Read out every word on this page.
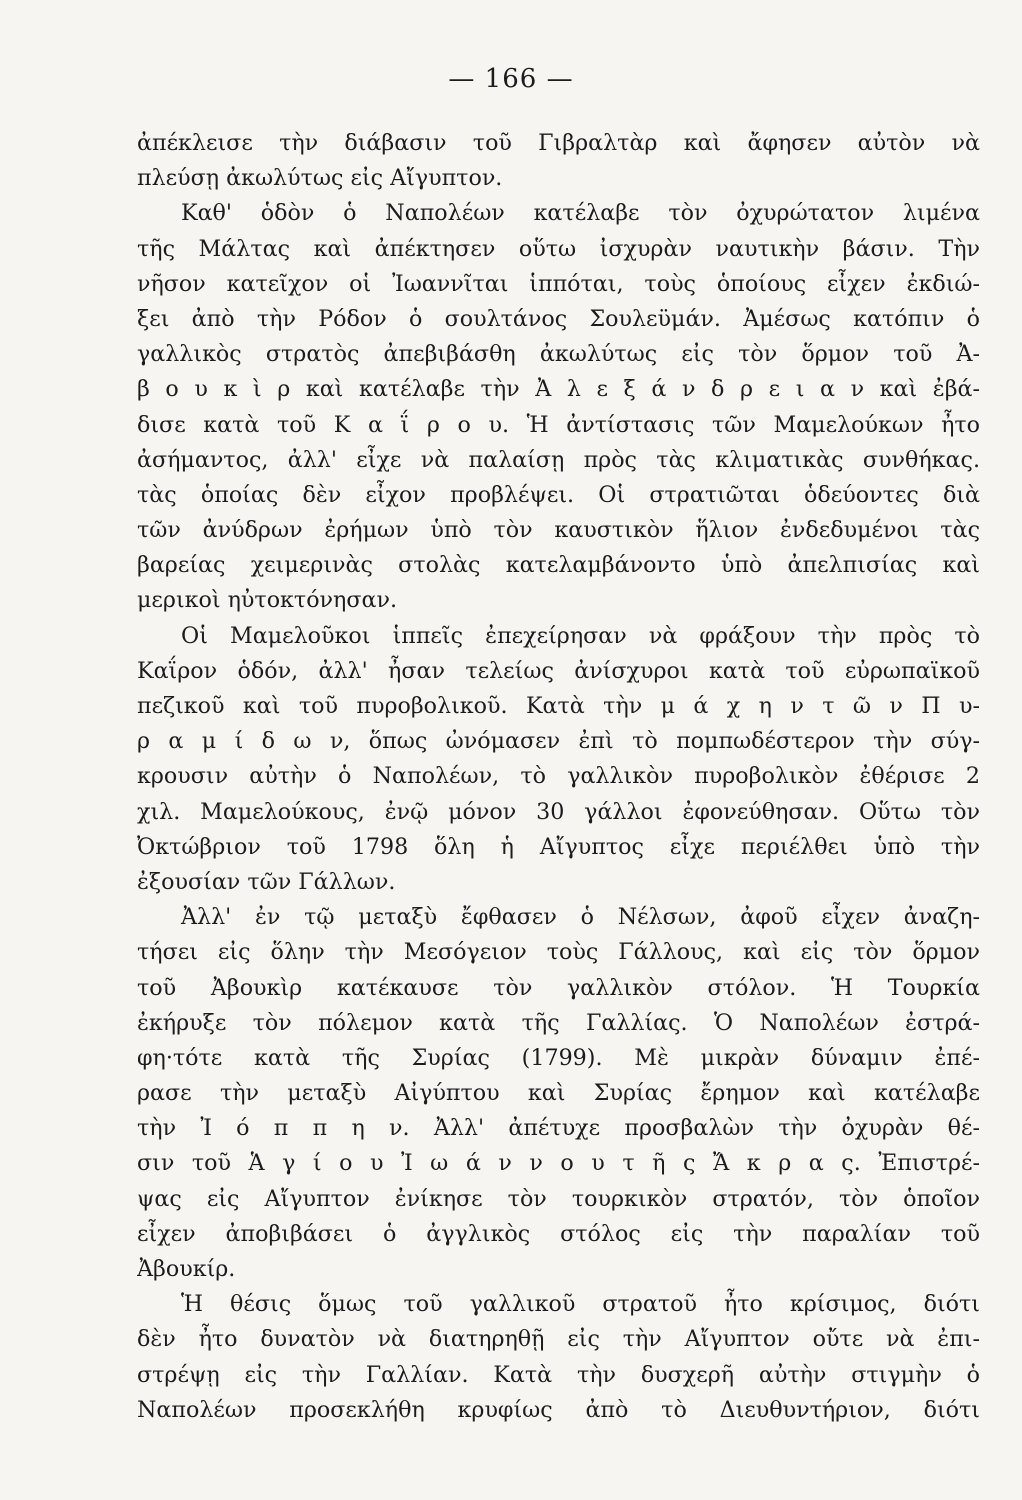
— 166 —
ἀπέκλεισε τὴν διάβασιν τοῦ Γιβραλτὰρ καὶ ἄφησεν αὐτὸν νὰ
πλεύσῃ ἀκωλύτως εἰς Αἴγυπτον.
Καθ' ὁδὸν ὁ Ναπολέων κατέλαβε τὸν ὀχυρώτατον λιμένα
τῆς Μάλτας καὶ ἀπέκτησεν οὕτω ἰσχυρὰν ναυτικὴν βάσιν. Τὴν
νῆσον κατεῖχον οἱ Ἰωαννῖται ἱππόται, τοὺς ὁποίους εἶχεν ἐκδιώ-
ξει ἀπὸ τὴν Ρόδον ὁ σουλτάνος Σουλεϋμάν. Ἀμέσως κατόπιν ὁ
γαλλικὸς στρατὸς ἀπεβιβάσθη ἀκωλύτως εἰς τὸν ὅρμον τοῦ Ἀ-
β ο υ κ ὶ ρ καὶ κατέλαβε τὴν Ἀ λ ε ξ ά ν δ ρ ε ι α ν καὶ ἐβά-
δισε κατὰ τοῦ Κ α ΐ ρ ο υ. Ἡ ἀντίστασις τῶν Μαμελούκων ἦτο
ἀσήμαντος, ἀλλ' εἶχε νὰ παλαίσῃ πρὸς τὰς κλιματικὰς συνθήκας.
τὰς ὁποίας δὲν εἶχον προβλέψει. Οἱ στρατιῶται ὁδεύοντες διὰ
τῶν ἀνύδρων ἐρήμων ὑπὸ τὸν καυστικὸν ἥλιον ἐνδεδυμένοι τὰς
βαρείας χειμερινὰς στολὰς κατελαμβάνοντο ὑπὸ ἀπελπισίας καὶ
μερικοὶ ηὐτοκτόνησαν.
Οἱ Μαμελοῦκοι ἱππεῖς ἐπεχείρησαν νὰ φράξουν τὴν πρὸς τὸ
Καΐρον ὁδόν, ἀλλ' ἦσαν τελείως ἀνίσχυροι κατὰ τοῦ εὐρωπαϊκοῦ
πεζικοῦ καὶ τοῦ πυροβολικοῦ. Κατὰ τὴν μ ά χ η ν τ ῶ ν Π υ-
ρ α μ ί δ ω ν, ὅπως ὠνόμασεν ἐπὶ τὸ πομπωδέστερον τὴν σύγ-
κρουσιν αὐτὴν ὁ Ναπολέων, τὸ γαλλικὸν πυροβολικὸν ἐθέρισε 2
χιλ. Μαμελούκους, ἐνῷ μόνον 30 γάλλοι ἐφονεύθησαν. Οὕτω τὸν
Ὀκτώβριον τοῦ 1798 ὅλη ἡ Αἴγυπτος εἶχε περιέλθει ὑπὸ τὴν
ἐξουσίαν τῶν Γάλλων.
Ἀλλ' ἐν τῷ μεταξὺ ἔφθασεν ὁ Νέλσων, ἀφοῦ εἶχεν ἀναζη-
τήσει εἰς ὅλην τὴν Μεσόγειον τοὺς Γάλλους, καὶ εἰς τὸν ὅρμον
τοῦ Ἀβουκὶρ κατέκαυσε τὸν γαλλικὸν στόλον. Ἡ Τουρκία
ἐκήρυξε τὸν πόλεμον κατὰ τῆς Γαλλίας. Ὁ Ναπολέων ἐστρά-
φη·τότε κατὰ τῆς Συρίας (1799). Μὲ μικρὰν δύναμιν ἐπέ-
ρασε τὴν μεταξὺ Αἰγύπτου καὶ Συρίας ἔρημον καὶ κατέλαβε
τὴν Ἰ ό π π η ν. Ἀλλ' ἀπέτυχε προσβαλὼν τὴν ὀχυρὰν θέ-
σιν τοῦ Ἁ γ ί ο υ Ἰ ω ά ν ν ο υ τ ῆ ς Ἄ κ ρ α ς. Ἐπιστρέ-
ψας εἰς Αἴγυπτον ἐνίκησε τὸν τουρκικὸν στρατόν, τὸν ὁποῖον
εἶχεν ἀποβιβάσει ὁ ἀγγλικὸς στόλος εἰς τὴν παραλίαν τοῦ
Ἀβουκίρ.
Ἡ θέσις ὅμως τοῦ γαλλικοῦ στρατοῦ ἦτο κρίσιμος, διότι
δὲν ἦτο δυνατὸν νὰ διατηρηθῇ εἰς τὴν Αἴγυπτον οὔτε νὰ ἐπι-
στρέψῃ εἰς τὴν Γαλλίαν. Κατὰ τὴν δυσχερῆ αὐτὴν στιγμὴν ὁ
Ναπολέων προσεκλήθη κρυφίως ἀπὸ τὸ Διευθυντήριον, διότι
